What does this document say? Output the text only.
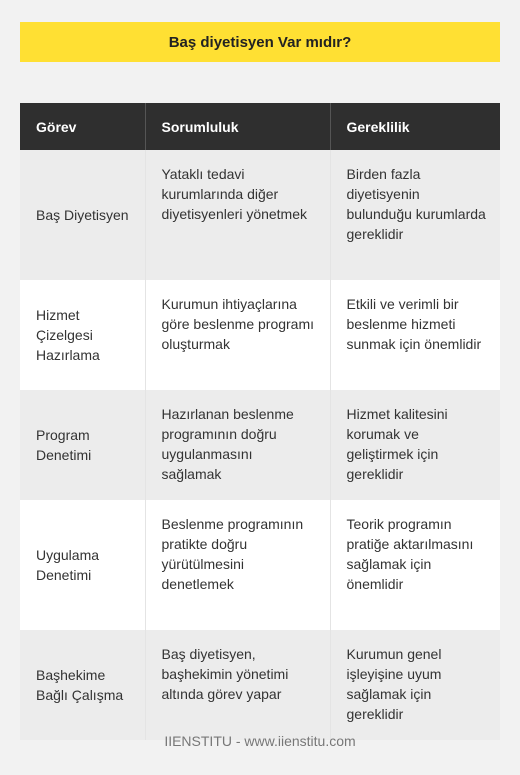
Baş diyetisyen Var mıdır?
Görev	Sorumluluk	Gereklilik
Baş Diyetisyen	Yataklı tedavi kurumlarında diğer diyetisyenleri yönetmek	Birden fazla diyetisyenin bulunduğu kurumlarda gereklidir
Hizmet Çizelgesi Hazırlama	Kurumun ihtiyaçlarına göre beslenme programı oluşturmak	Etkili ve verimli bir beslenme hizmeti sunmak için önemlidir
Program Denetimi	Hazırlanan beslenme programının doğru uygulanmasını sağlamak	Hizmet kalitesini korumak ve geliştirmek için gereklidir
Uygulama Denetimi	Beslenme programının pratikte doğru yürütülmesini denetlemek	Teorik programın pratiğe aktarılmasını sağlamak için önemlidir
Başhekime Bağlı Çalışma	Baş diyetisyen, başhekimin yönetimi altında görev yapar	Kurumun genel işleyişine uyum sağlamak için gereklidir
IIENSTITU - www.iienstitu.com
